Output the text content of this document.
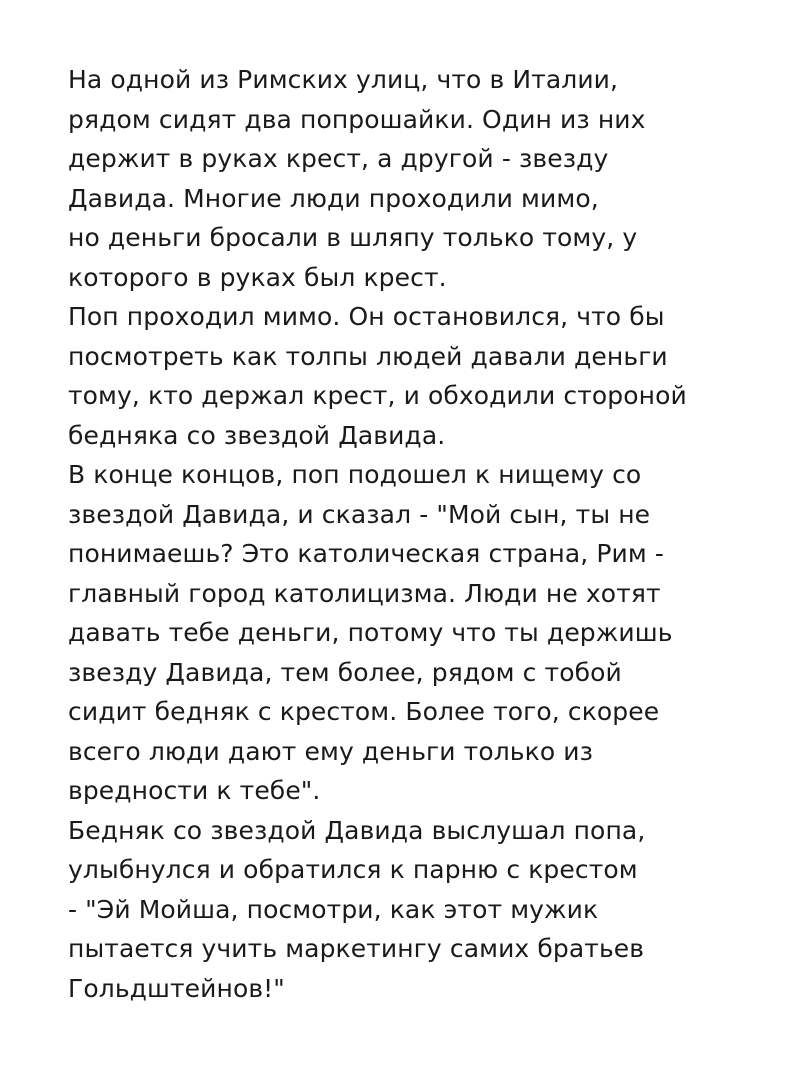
На одной из Римских улиц, что в Италии,
рядом сидят два попрошайки. Один из них
держит в руках крест, а другой - звезду
Давида. Многие люди проходили мимо,
но деньги бросали в шляпу только тому, у
которого в руках был крест.
Поп проходил мимо. Он остановился, что бы
посмотреть как толпы людей давали деньги
тому, кто держал крест, и обходили стороной
бедняка со звездой Давида.
В конце концов, поп подошел к нищему со
звездой Давида, и сказал - "Мой сын, ты не
понимаешь? Это католическая страна, Рим -
главный город католицизма. Люди не хотят
давать тебе деньги, потому что ты держишь
звезду Давида, тем более, рядом с тобой
сидит бедняк с крестом. Более того, скорее
всего люди дают ему деньги только из
вредности к тебе".
Бедняк со звездой Давида выслушал попа,
улыбнулся и обратился к парню с крестом
- "Эй Мойша, посмотри, как этот мужик
пытается учить маркетингу самих братьев
Гольдштейнов!"
